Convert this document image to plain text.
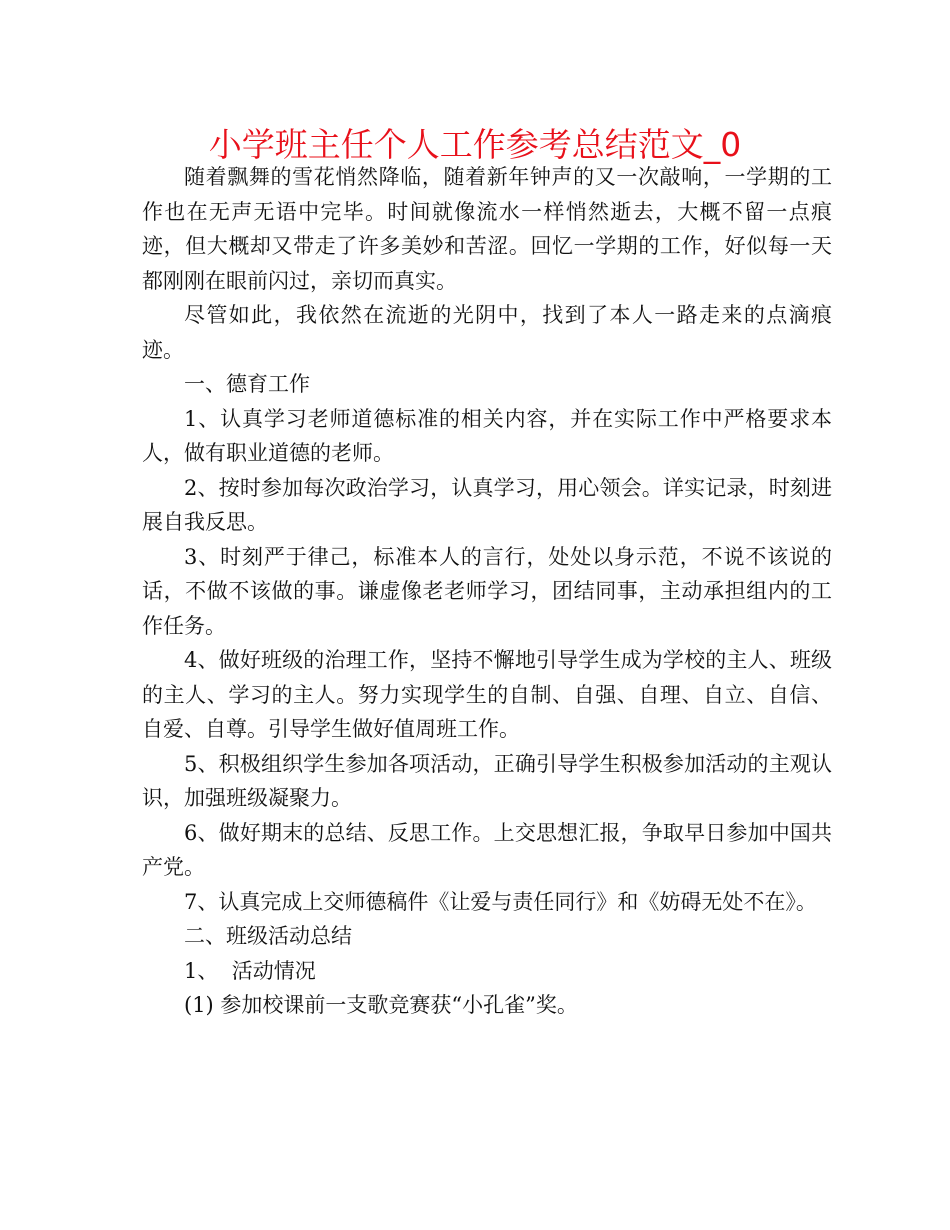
小学班主任个人工作参考总结范文_0

随着飘舞的雪花悄然降临，随着新年钟声的又一次敲响，一学期的工作也在无声无语中完毕。时间就像流水一样悄然逝去，大概不留一点痕迹，但大概却又带走了许多美妙和苦涩。回忆一学期的工作，好似每一天都刚刚在眼前闪过，亲切而真实。

尽管如此，我依然在流逝的光阴中，找到了本人一路走来的点滴痕迹。

一、德育工作

1、认真学习老师道德标准的相关内容，并在实际工作中严格要求本人，做有职业道德的老师。

2、按时参加每次政治学习，认真学习，用心领会。详实记录，时刻进展自我反思。

3、时刻严于律己，标准本人的言行，处处以身示范，不说不该说的话，不做不该做的事。谦虚像老老师学习，团结同事，主动承担组内的工作任务。

4、做好班级的治理工作，坚持不懈地引导学生成为学校的主人、班级的主人、学习的主人。努力实现学生的自制、自强、自理、自立、自信、自爱、自尊。引导学生做好值周班工作。

5、积极组织学生参加各项活动，正确引导学生积极参加活动的主观认识，加强班级凝聚力。

6、做好期末的总结、反思工作。上交思想汇报，争取早日参加中国共产党。

7、认真完成上交师德稿件《让爱与责任同行》和《妨碍无处不在》。

二、班级活动总结

1、  活动情况

(1) 参加校课前一支歌竞赛获“小孔雀”奖。
